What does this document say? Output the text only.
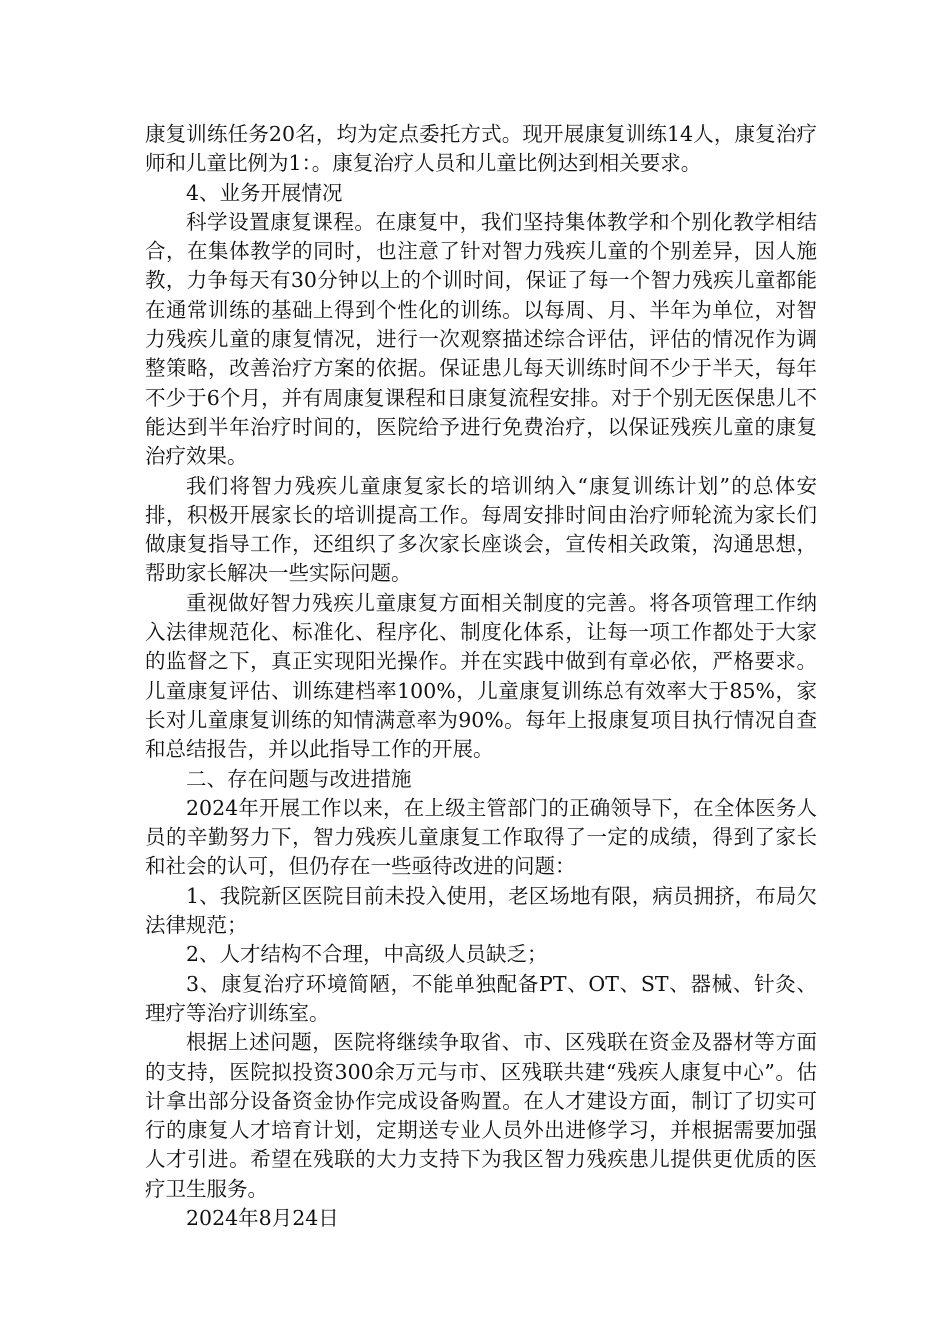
康复训练任务20名，均为定点委托方式。现开展康复训练14人，康复治疗师和儿童比例为1：。康复治疗人员和儿童比例达到相关要求。

4、业务开展情况

科学设置康复课程。在康复中，我们坚持集体教学和个别化教学相结合，在集体教学的同时，也注意了针对智力残疾儿童的个别差异，因人施教，力争每天有30分钟以上的个训时间，保证了每一个智力残疾儿童都能在通常训练的基础上得到个性化的训练。以每周、月、半年为单位，对智力残疾儿童的康复情况，进行一次观察描述综合评估，评估的情况作为调整策略，改善治疗方案的依据。保证患儿每天训练时间不少于半天，每年不少于6个月，并有周康复课程和日康复流程安排。对于个别无医保患儿不能达到半年治疗时间的，医院给予进行免费治疗，以保证残疾儿童的康复治疗效果。

我们将智力残疾儿童康复家长的培训纳入“康复训练计划”的总体安排，积极开展家长的培训提高工作。每周安排时间由治疗师轮流为家长们做康复指导工作，还组织了多次家长座谈会，宣传相关政策，沟通思想，帮助家长解决一些实际问题。

重视做好智力残疾儿童康复方面相关制度的完善。将各项管理工作纳入法律规范化、标准化、程序化、制度化体系，让每一项工作都处于大家的监督之下，真正实现阳光操作。并在实践中做到有章必依，严格要求。儿童康复评估、训练建档率100%，儿童康复训练总有效率大于85%，家长对儿童康复训练的知情满意率为90%。每年上报康复项目执行情况自查和总结报告，并以此指导工作的开展。

二、存在问题与改进措施

2024年开展工作以来，在上级主管部门的正确领导下，在全体医务人员的辛勤努力下，智力残疾儿童康复工作取得了一定的成绩，得到了家长和社会的认可，但仍存在一些亟待改进的问题：

1、我院新区医院目前未投入使用，老区场地有限，病员拥挤，布局欠法律规范；

2、人才结构不合理，中高级人员缺乏；

3、康复治疗环境简陋，不能单独配备PT、OT、ST、器械、针灸、理疗等治疗训练室。

根据上述问题，医院将继续争取省、市、区残联在资金及器材等方面的支持，医院拟投资300余万元与市、区残联共建“残疾人康复中心”。估计拿出部分设备资金协作完成设备购置。在人才建设方面，制订了切实可行的康复人才培育计划，定期送专业人员外出进修学习，并根据需要加强人才引进。希望在残联的大力支持下为我区智力残疾患儿提供更优质的医疗卫生服务。

2024年8月24日
